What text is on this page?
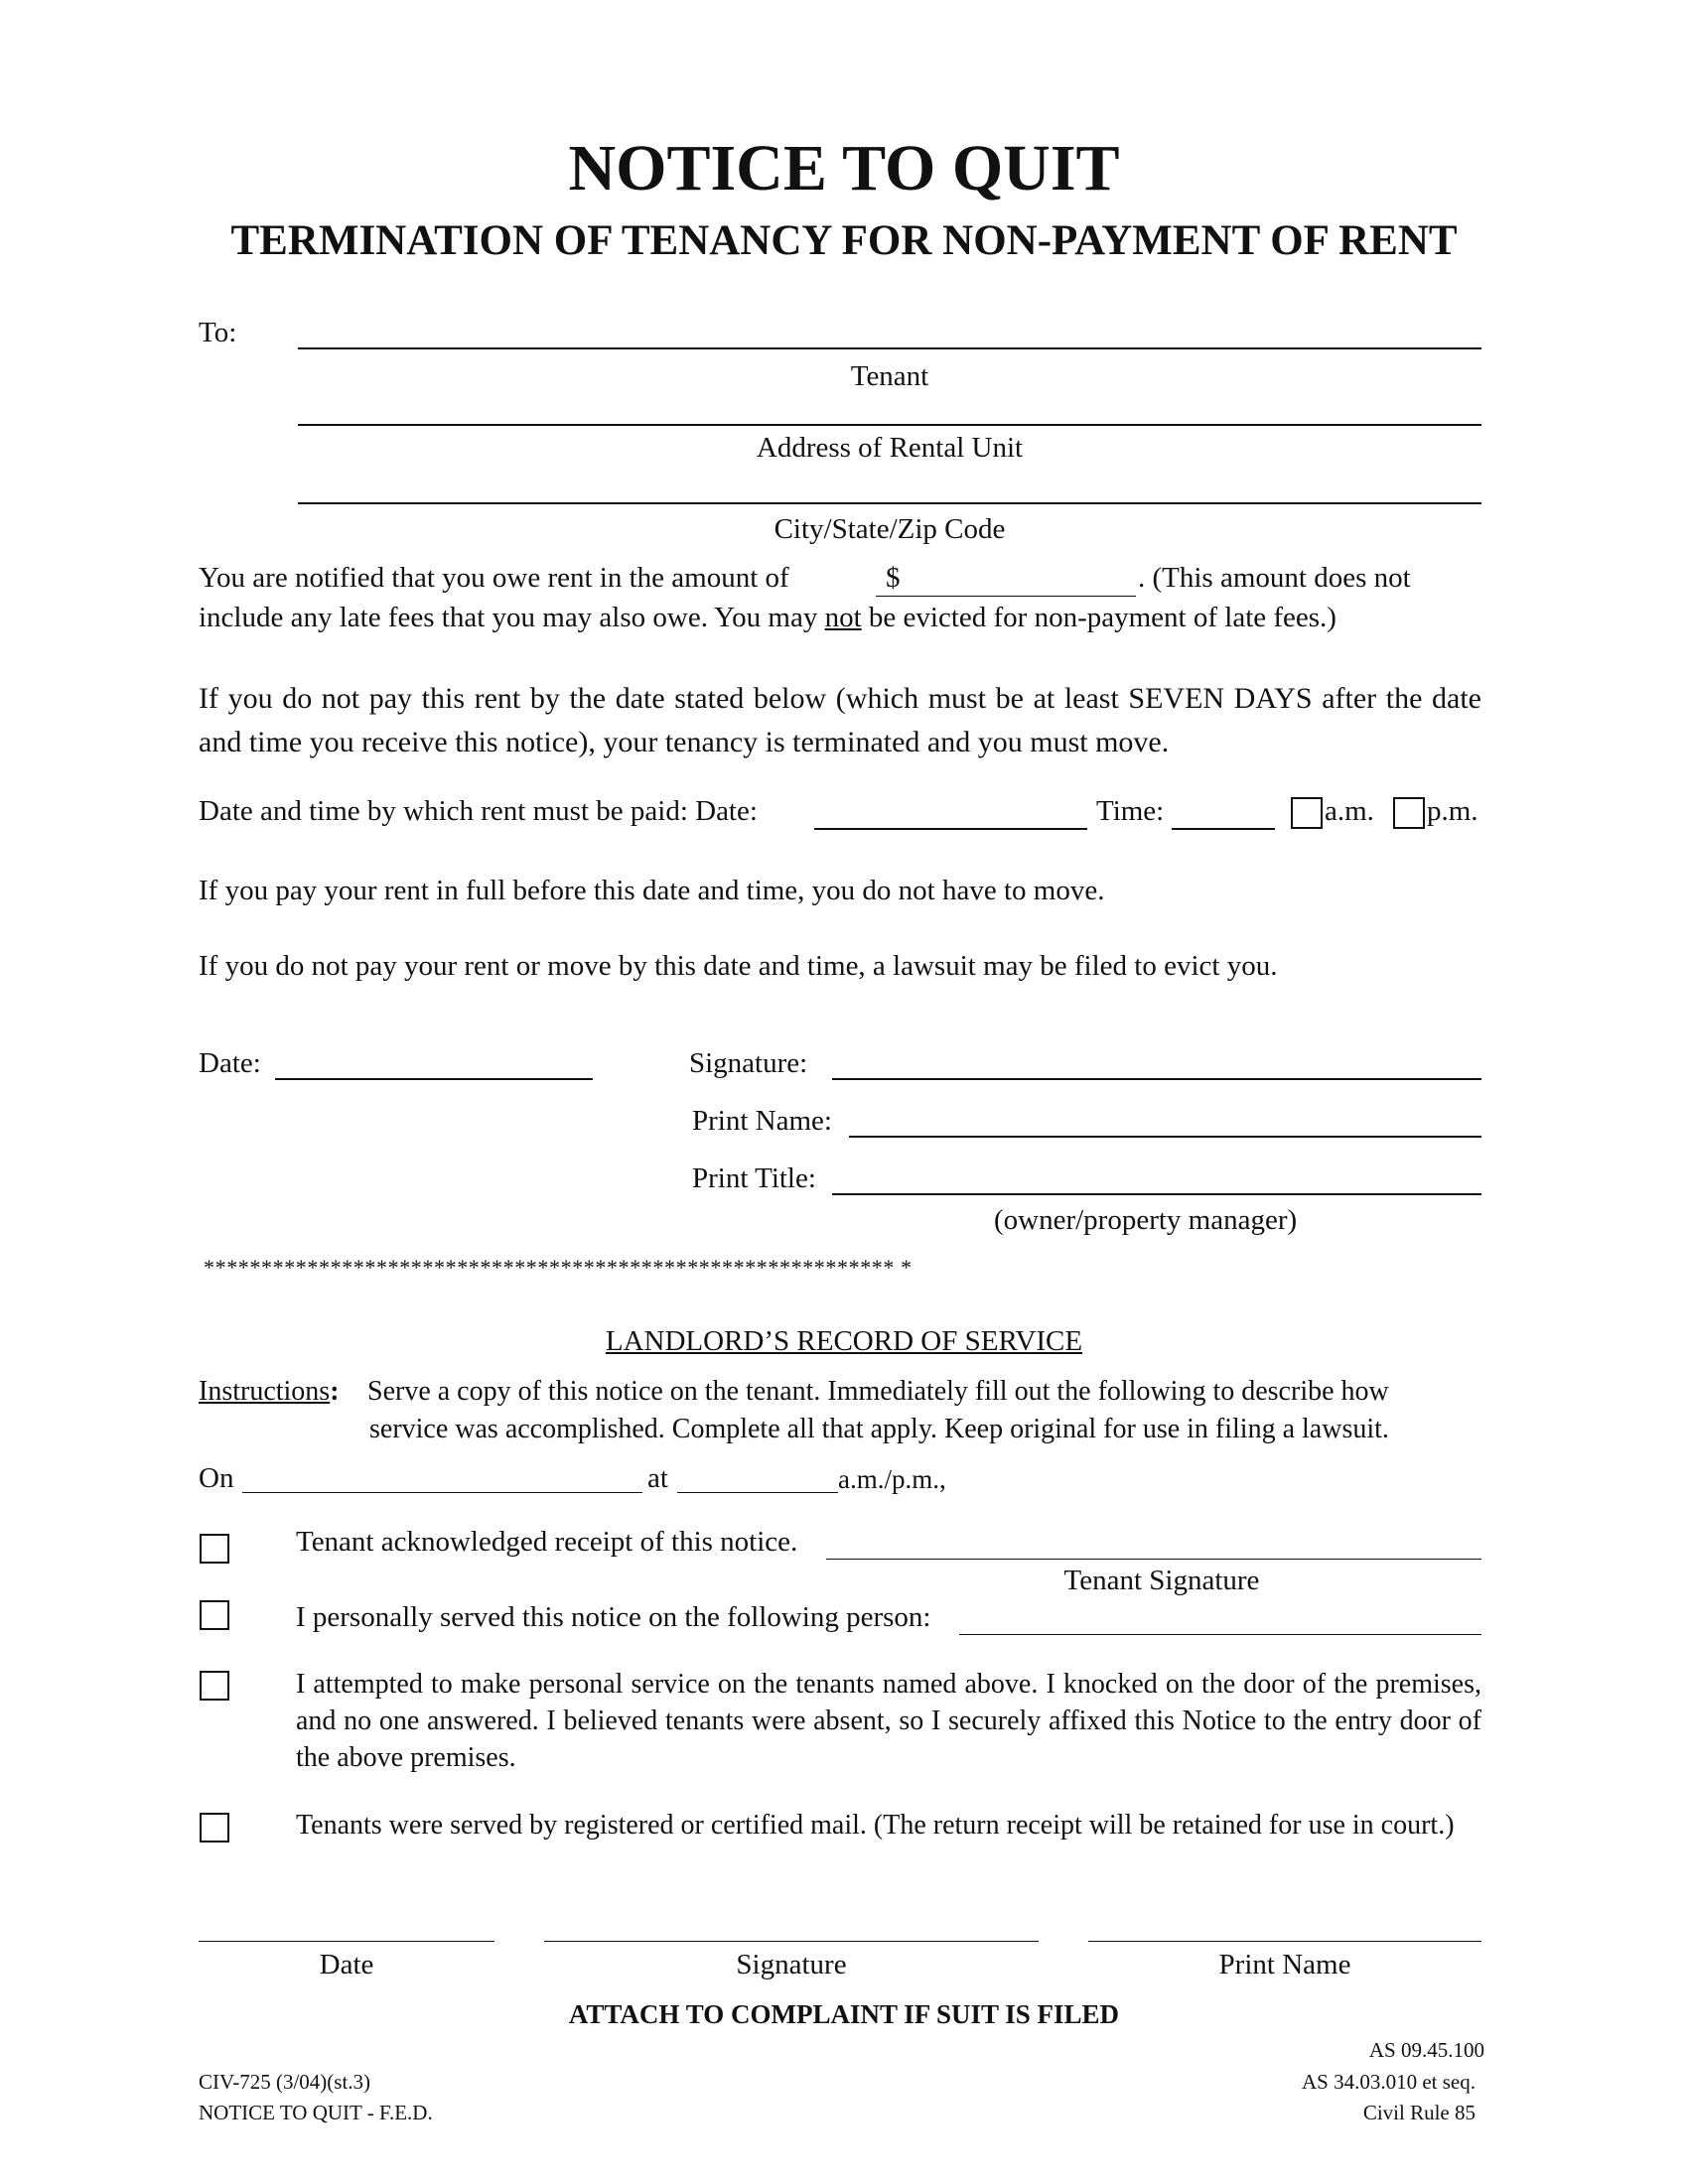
NOTICE TO QUIT
TERMINATION OF TENANCY FOR NON-PAYMENT OF RENT
To:
Tenant
Address of Rental Unit
City/State/Zip Code
You are notified that you owe rent in the amount of	$	. (This amount does not
include any late fees that you may also owe. You may not be evicted for non-payment of late fees.)
If you do not pay this rent by the date stated below (which must be at least SEVEN DAYS after the date and time you receive this notice), your tenancy is terminated and you must move.
Date and time by which rent must be paid: Date:	Time:	a.m. p.m.
If you pay your rent in full before this date and time, you do not have to move.
If you do not pay your rent or move by this date and time, a lawsuit may be filed to evict you.
Date:	Signature:
Print Name:
Print Title:
(owner/property manager)
************************************************************ *
LANDLORD’S RECORD OF SERVICE
Instructions: Serve a copy of this notice on the tenant. Immediately fill out the following to describe how
service was accomplished. Complete all that apply. Keep original for use in filing a lawsuit.
On	at	a.m./p.m.,
Tenant acknowledged receipt of this notice.
Tenant Signature
I personally served this notice on the following person:
I attempted to make personal service on the tenants named above. I knocked on the door of the premises, and no one answered. I believed tenants were absent, so I securely affixed this Notice to the entry door of the above premises.
Tenants were served by registered or certified mail. (The return receipt will be retained for use in court.)
Date	Signature	Print Name
ATTACH TO COMPLAINT IF SUIT IS FILED
AS 09.45.100
CIV-725 (3/04)(st.3)	AS 34.03.010 et seq.
NOTICE TO QUIT - F.E.D.	Civil Rule 85
